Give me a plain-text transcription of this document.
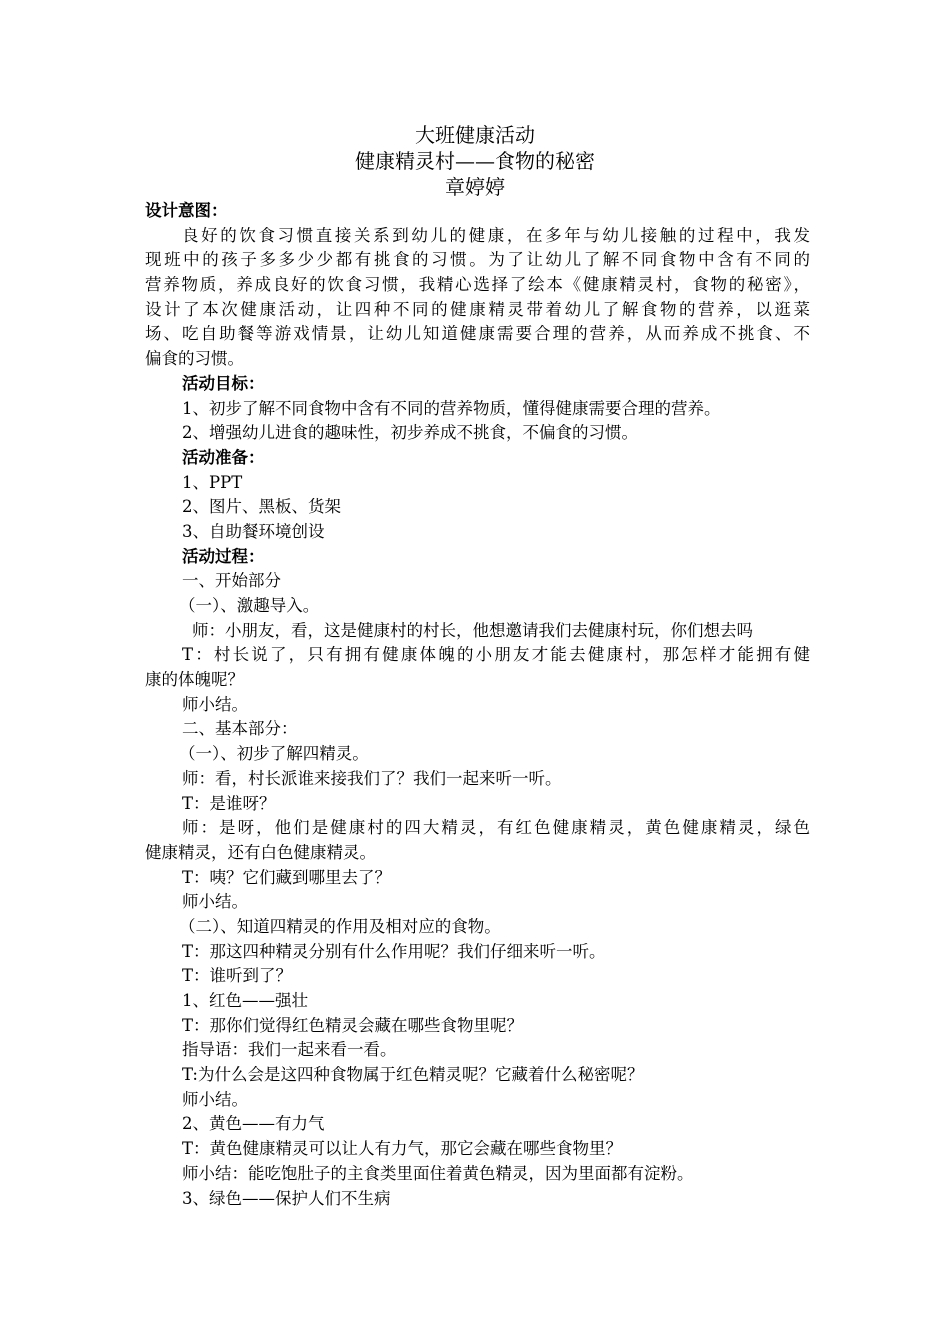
大班健康活动
健康精灵村——食物的秘密
章婷婷
设计意图：
良好的饮食习惯直接关系到幼儿的健康，在多年与幼儿接触的过程中，我发
现班中的孩子多多少少都有挑食的习惯。为了让幼儿了解不同食物中含有不同的
营养物质，养成良好的饮食习惯，我精心选择了绘本《健康精灵村，食物的秘密》，
设计了本次健康活动，让四种不同的健康精灵带着幼儿了解食物的营养，以逛菜
场、吃自助餐等游戏情景，让幼儿知道健康需要合理的营养，从而养成不挑食、不
偏食的习惯。
活动目标：
1、初步了解不同食物中含有不同的营养物质，懂得健康需要合理的营养。
2、增强幼儿进食的趣味性，初步养成不挑食，不偏食的习惯。
活动准备：
1、PPT
2、图片、黑板、货架
3、自助餐环境创设
活动过程：
一、开始部分
（一）、激趣导入。
师：小朋友，看，这是健康村的村长，他想邀请我们去健康村玩，你们想去吗
T：村长说了，只有拥有健康体魄的小朋友才能去健康村，那怎样才能拥有健
康的体魄呢？
师小结。
二、基本部分：
（一）、初步了解四精灵。
师：看，村长派谁来接我们了？我们一起来听一听。
T：是谁呀？
师：是呀，他们是健康村的四大精灵，有红色健康精灵，黄色健康精灵，绿色
健康精灵，还有白色健康精灵。
T：咦？它们藏到哪里去了？
师小结。
（二）、知道四精灵的作用及相对应的食物。
T：那这四种精灵分别有什么作用呢？我们仔细来听一听。
T：谁听到了？
1、红色——强壮
T：那你们觉得红色精灵会藏在哪些食物里呢？
指导语：我们一起来看一看。
T:为什么会是这四种食物属于红色精灵呢？它藏着什么秘密呢？
师小结。
2、黄色——有力气
T：黄色健康精灵可以让人有力气，那它会藏在哪些食物里？
师小结：能吃饱肚子的主食类里面住着黄色精灵，因为里面都有淀粉。
3、绿色——保护人们不生病
